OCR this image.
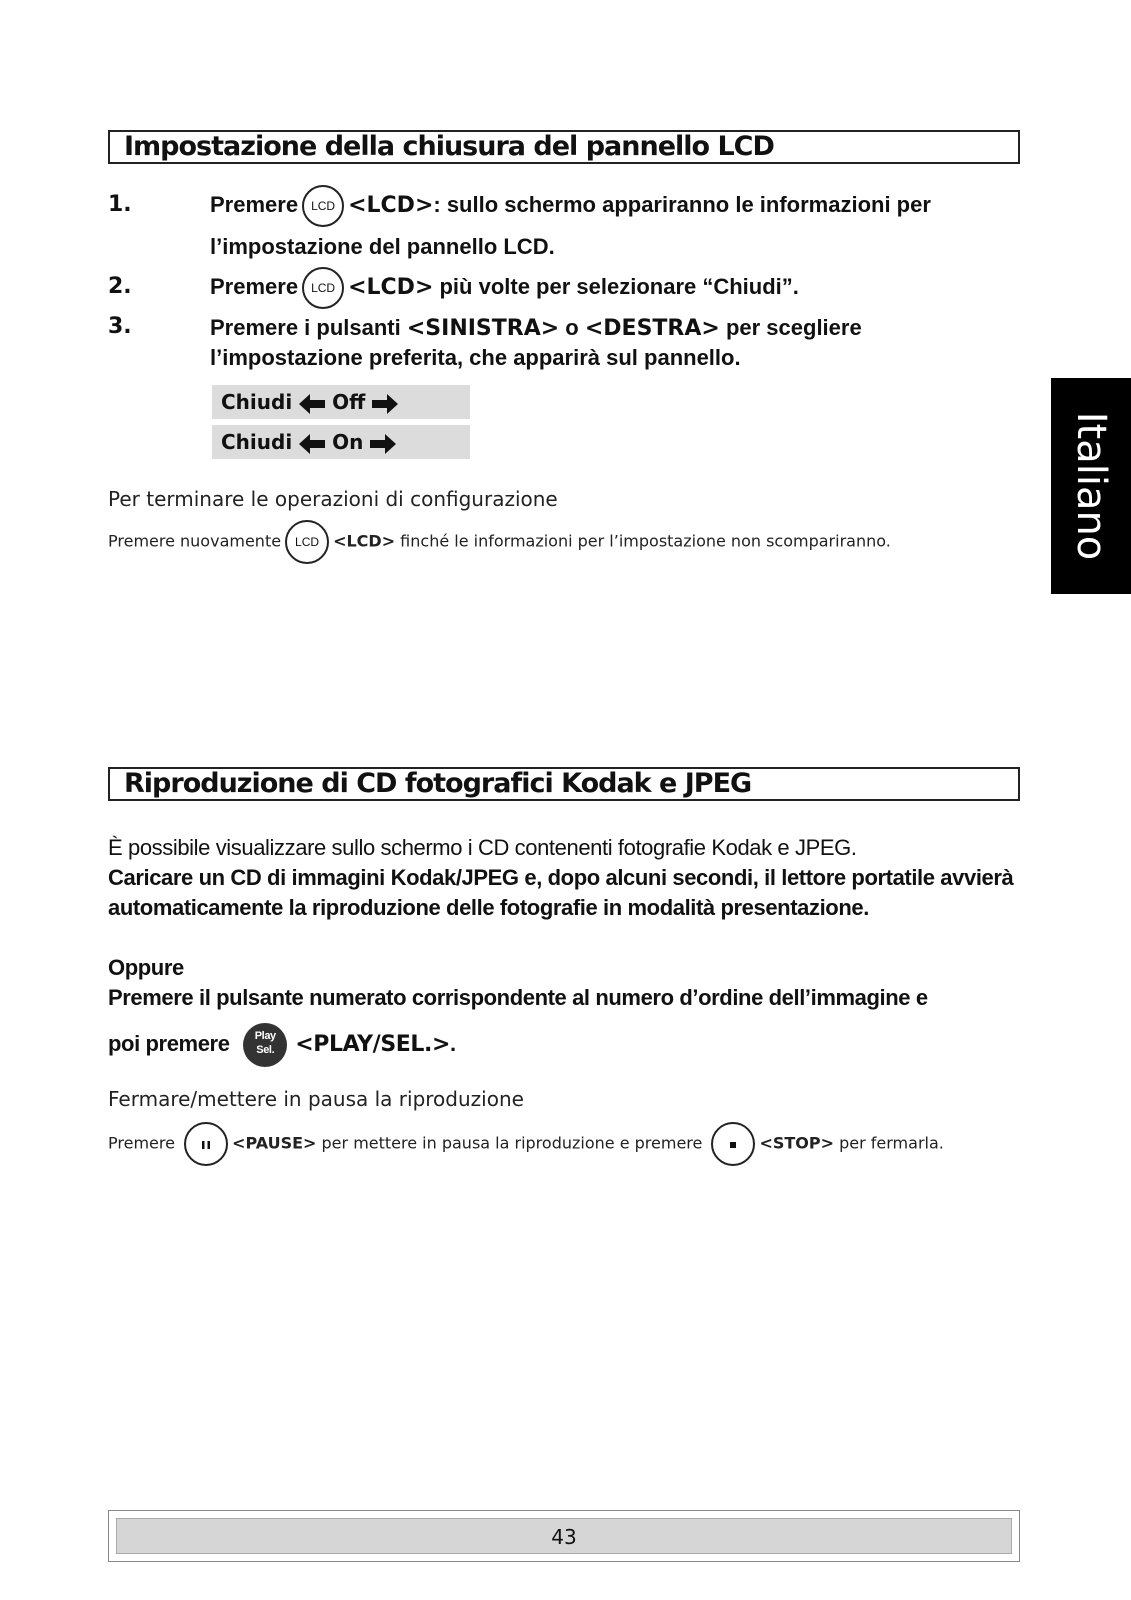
Impostazione della chiusura del pannello LCD
1.	Premere LCD <LCD>: sullo schermo appariranno le informazioni per
l’impostazione del pannello LCD.
2.	Premere LCD <LCD> più volte per selezionare “Chiudi”.
3.	Premere i pulsanti <SINISTRA> o <DESTRA> per scegliere
l’impostazione preferita, che apparirà sul pannello.
Chiudi Off
Chiudi On
Per terminare le operazioni di configurazione
Premere nuovamente LCD <LCD> finché le informazioni per l’impostazione non scompariranno.
Riproduzione di CD fotografici Kodak e JPEG
È possibile visualizzare sullo schermo i CD contenenti fotografie Kodak e JPEG.
Caricare un CD di immagini Kodak/JPEG e, dopo alcuni secondi, il lettore portatile avvierà automaticamente la riproduzione delle fotografie in modalità presentazione.
Oppure
Premere il pulsante numerato corrispondente al numero d’ordine dell’immagine e
poi premere	Play
Sel. <PLAY/SEL.>.
Fermare/mettere in pausa la riproduzione
Premere	<PAUSE> per mettere in pausa la riproduzione e premere	<STOP> per fermarla.
Italiano
43
